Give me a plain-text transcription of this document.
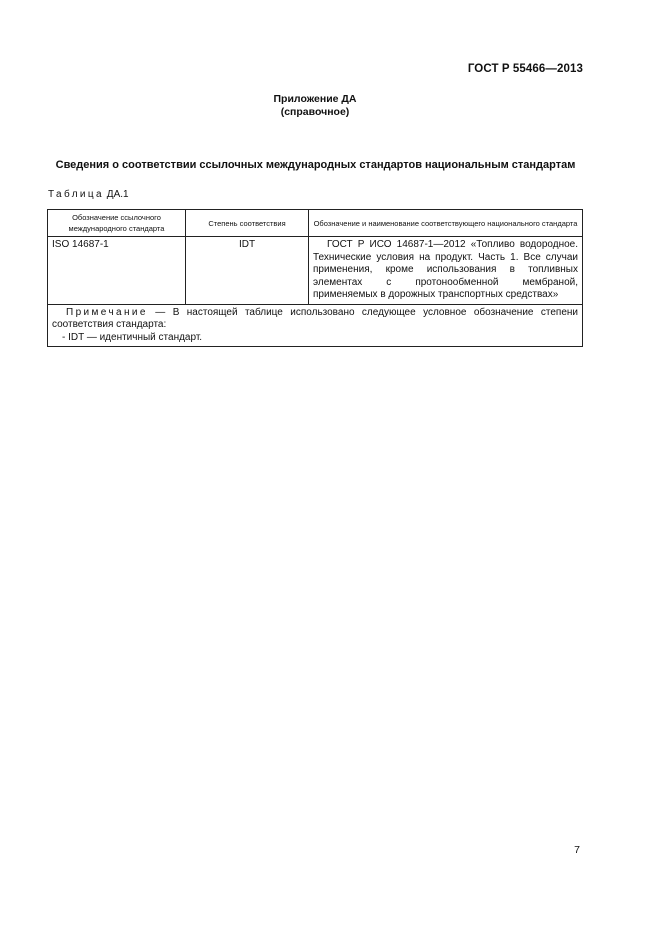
ГОСТ Р 55466—2013
Приложение ДА
(справочное)
Сведения о соответствии ссылочных международных стандартов национальным стандартам
Таблица ДА.1
Обозначение ссылочного международного стандарта	Степень соответствия	Обозначение и наименование соответствующего национального стандарта
ISO 14687-1	IDT	ГОСТ Р ИСО 14687-1—2012 «Топливо водородное. Технические условия на продукт. Часть 1. Все случаи применения, кроме использования в топливных элементах с протонообменной мембраной, применяемых в дорожных транспортных средствах»

Примечание — В настоящей таблице использовано следующее условное обозначение степени соответствия стандарта:
- IDT — идентичный стандарт.		
7
